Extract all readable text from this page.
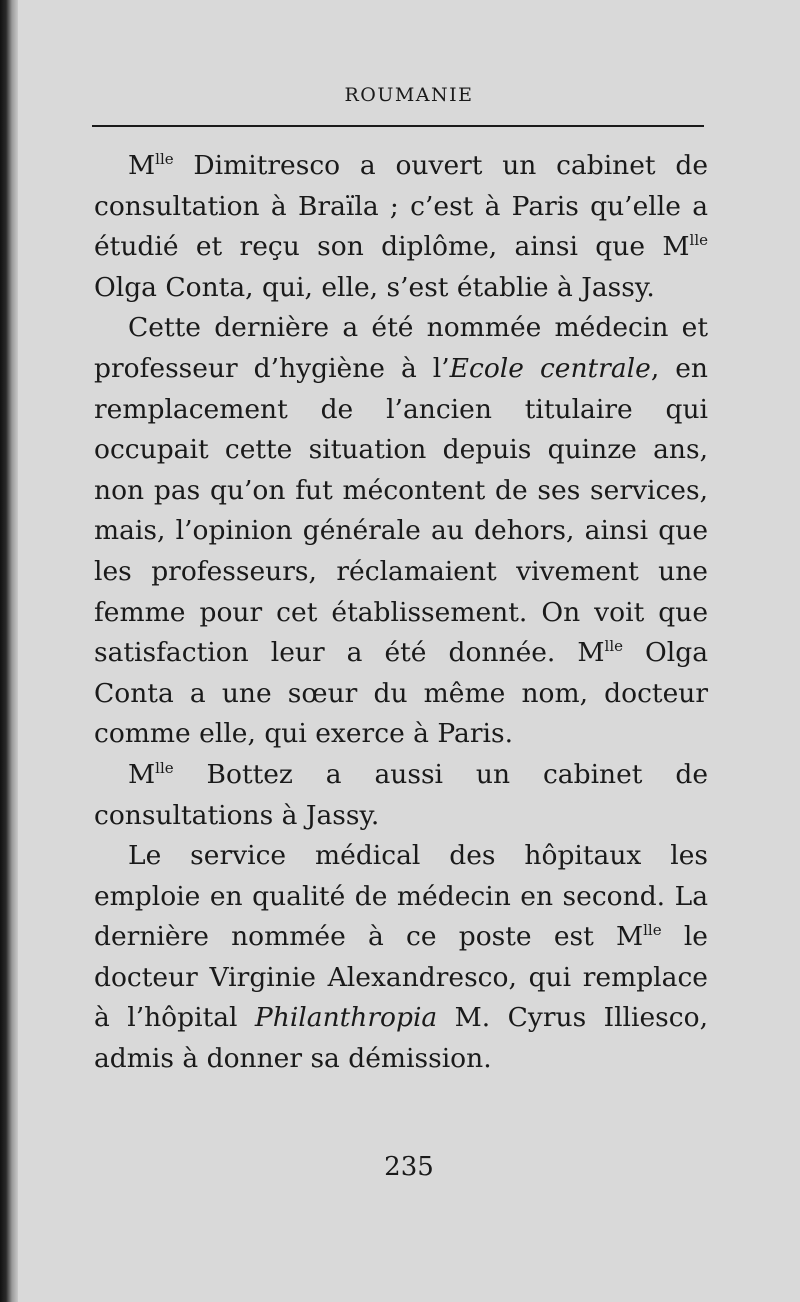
ROUMANIE

$M^{lle}$ Dimitresco a ouvert un cabinet de consultation à Braïla ; c’est à Paris qu’elle a étudié et reçu son diplôme, ainsi que $M^{lle}$ Olga Conta, qui, elle, s’est établie à Jassy.

Cette dernière a été nommée médecin et professeur d’hygiène à l’Ecole centrale, en remplacement de l’ancien titulaire qui occupait cette situation depuis quinze ans, non pas qu’on fut mécontent de ses services, mais, l’opinion générale au dehors, ainsi que les professeurs, réclamaient vivement une femme pour cet établissement. On voit que satisfaction leur a été donnée. $M^{lle}$ Olga Conta a une sœur du même nom, docteur comme elle, qui exerce à Paris.

$M^{lle}$ Bottez a aussi un cabinet de consultations à Jassy.

Le service médical des hôpitaux les emploie en qualité de médecin en second. La dernière nommée à ce poste est $M^{lle}$ le docteur Virginie Alexandresco, qui remplace à l’hôpital Philanthropia M. Cyrus Illiesco, admis à donner sa démission.

235
